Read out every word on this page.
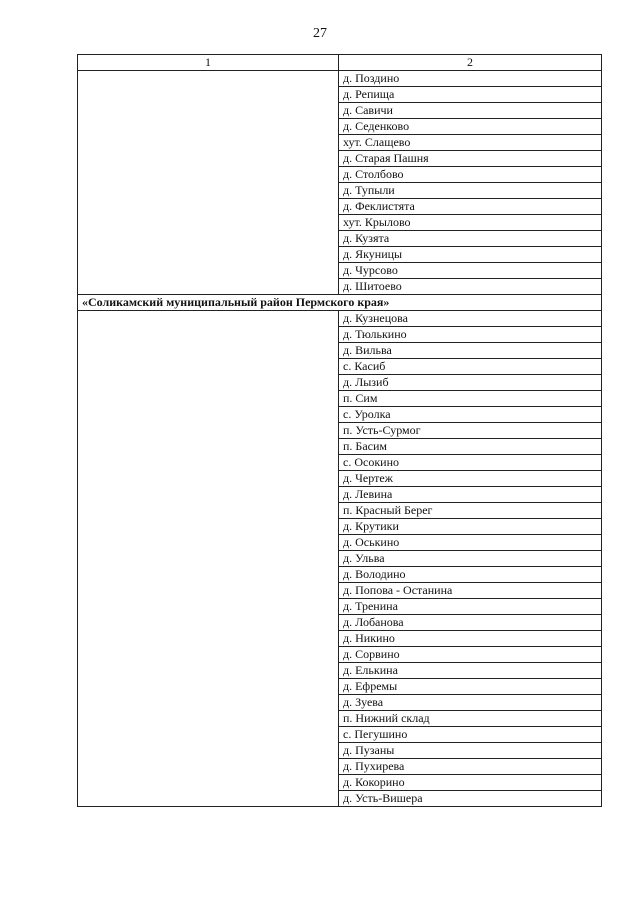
27
1	2
	д. Поздино
	д. Репища
	д. Савичи
	д. Седенково
	хут. Слащево
	д. Старая Пашня
	д. Столбово
	д. Тупыли
	д. Феклистята
	хут. Крылово
	д. Кузята
	д. Якуницы
	д. Чурсово
	д. Шитоево
«Соликамский муниципальный район Пермского края»	
	д. Кузнецова
	д. Тюлькино
	д. Вильва
	с. Касиб
	д. Лызиб
	п. Сим
	с. Уролка
	п. Усть-Сурмог
	п. Басим
	с. Осокино
	д. Чертеж
	д. Левина
	п. Красный Берег
	д. Крутики
	д. Оськино
	д. Ульва
	д. Володино
	д. Попова - Останина
	д. Тренина
	д. Лобанова
	д. Никино
	д. Сорвино
	д. Елькина
	д. Ефремы
	д. Зуева
	п. Нижний склад
	с. Пегушино
	д. Пузаны
	д. Пухирева
	д. Кокорино
	д. Усть-Вишера
